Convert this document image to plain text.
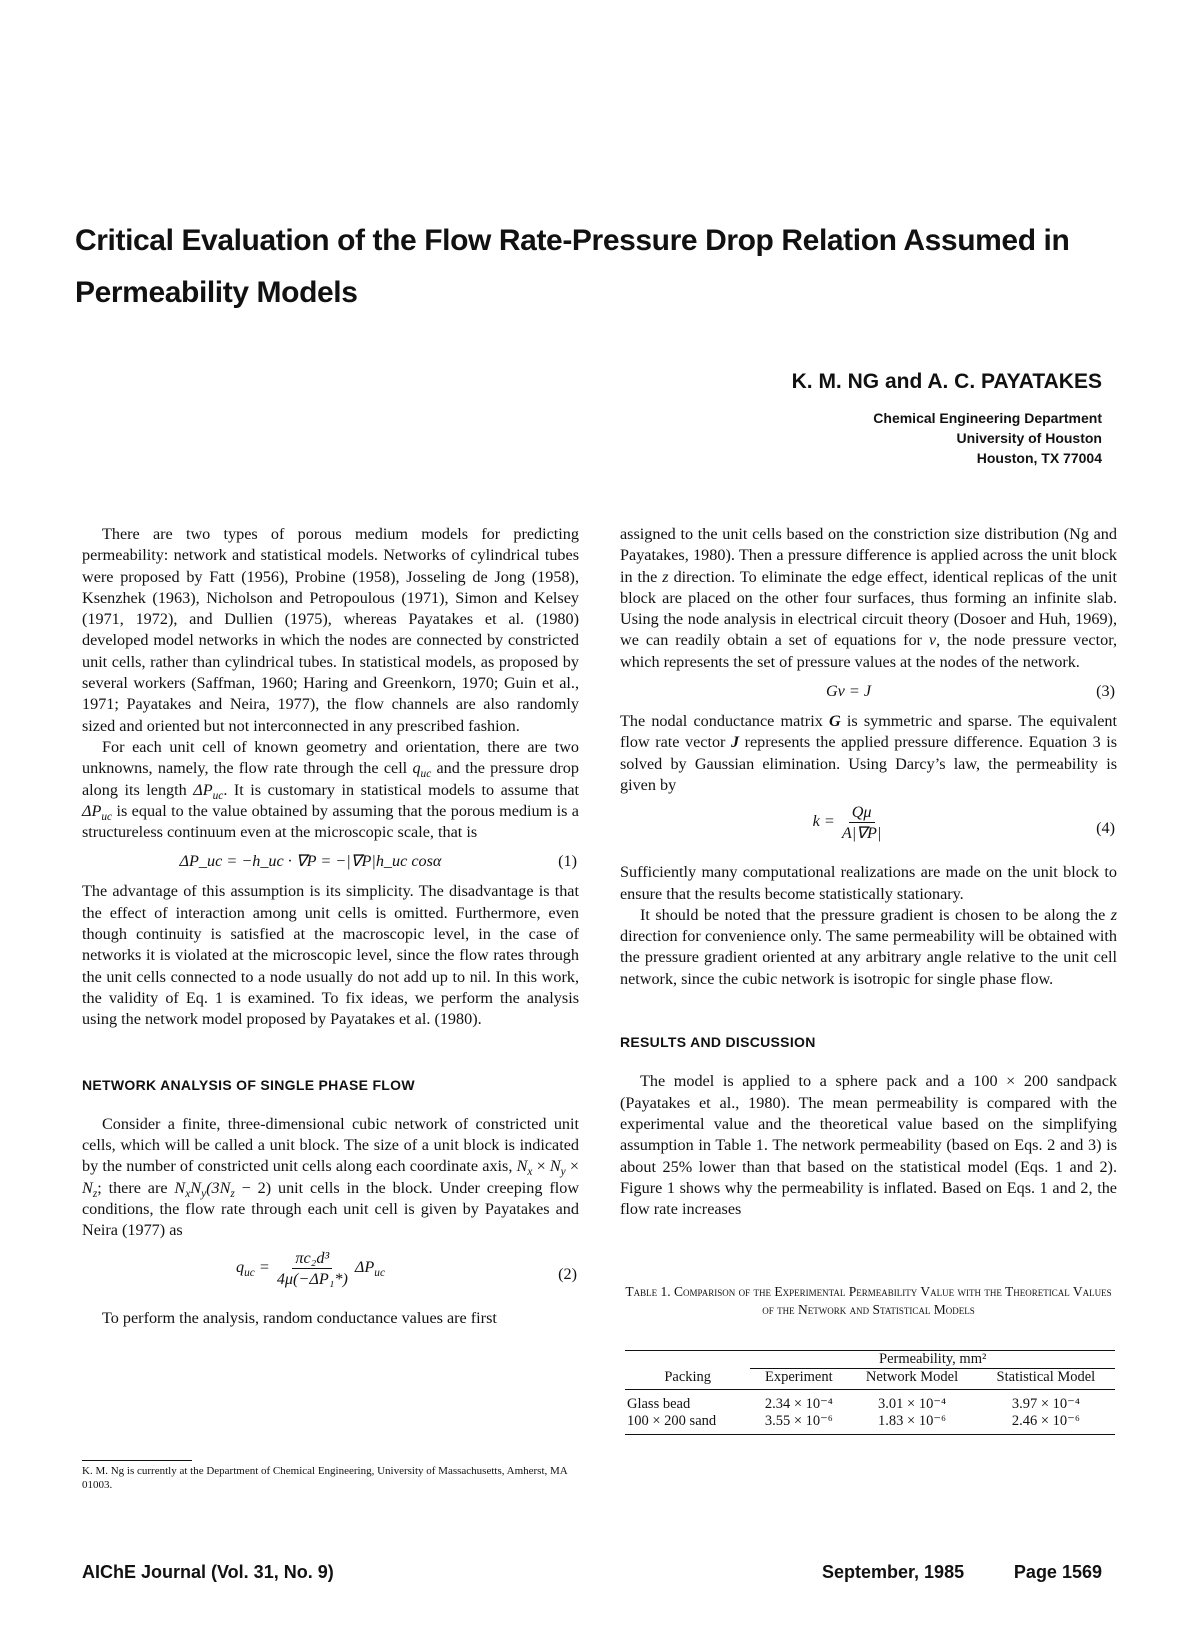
Critical Evaluation of the Flow Rate-Pressure Drop Relation Assumed in Permeability Models
K. M. NG and A. C. PAYATAKES
Chemical Engineering Department
University of Houston
Houston, TX 77004

There are two types of porous medium models for predicting permeability: network and statistical models. Networks of cylindrical tubes were proposed by Fatt (1956), Probine (1958), Josseling de Jong (1958), Ksenzhek (1963), Nicholson and Petropoulous (1971), Simon and Kelsey (1971, 1972), and Dullien (1975), whereas Payatakes et al. (1980) developed model networks in which the nodes are connected by constricted unit cells, rather than cylindrical tubes. In statistical models, as proposed by several workers (Saffman, 1960; Haring and Greenkorn, 1970; Guin et al., 1971; Payatakes and Neira, 1977), the flow channels are also randomly sized and oriented but not interconnected in any prescribed fashion.

For each unit cell of known geometry and orientation, there are two unknowns, namely, the flow rate through the cell $q_{uc}$ and the pressure drop along its length $\Delta P_{uc}$. It is customary in statistical models to assume that $\Delta P_{uc}$ is equal to the value obtained by assuming that the porous medium is a structureless continuum even at the microscopic scale, that is

ΔP_uc = −h_uc · ∇P = −|∇P|h_uc cosα	(1)

The advantage of this assumption is its simplicity. The disadvantage is that the effect of interaction among unit cells is omitted. Furthermore, even though continuity is satisfied at the macroscopic level, in the case of networks it is violated at the microscopic level, since the flow rates through the unit cells connected to a node usually do not add up to nil. In this work, the validity of Eq. 1 is examined. To fix ideas, we perform the analysis using the network model proposed by Payatakes et al. (1980).

NETWORK ANALYSIS OF SINGLE PHASE FLOW

Consider a finite, three-dimensional cubic network of constricted unit cells, which will be called a unit block. The size of a unit block is indicated by the number of constricted unit cells along each coordinate axis, $N_x \times N_y \times N_z$; there are $N_xN_y(3N_z - 2)$ unit cells in the block. Under creeping flow conditions, the flow rate through each unit cell is given by Payatakes and Neira (1977) as

$q_{uc} = \frac{\text{πc₂d³}}{\text{4μ(−ΔP₁*)}} \Delta P_{uc}$	(2)

To perform the analysis, random conductance values are first

assigned to the unit cells based on the constriction size distribution (Ng and Payatakes, 1980). Then a pressure difference is applied across the unit block in the z direction. To eliminate the edge effect, identical replicas of the unit block are placed on the other four surfaces, thus forming an infinite slab. Using the node analysis in electrical circuit theory (Dosoer and Huh, 1969), we can readily obtain a set of equations for v, the node pressure vector, which represents the set of pressure values at the nodes of the network.

Gv = J	(3)

The nodal conductance matrix G is symmetric and sparse. The equivalent flow rate vector J represents the applied pressure difference. Equation 3 is solved by Gaussian elimination. Using Darcy’s law, the permeability is given by

$k = \frac{Q\mu}{A|\nabla P|}$	(4)

Sufficiently many computational realizations are made on the unit block to ensure that the results become statistically stationary.

It should be noted that the pressure gradient is chosen to be along the z direction for convenience only. The same permeability will be obtained with the pressure gradient oriented at any arbitrary angle relative to the unit cell network, since the cubic network is isotropic for single phase flow.

RESULTS AND DISCUSSION

The model is applied to a sphere pack and a 100 × 200 sandpack (Payatakes et al., 1980). The mean permeability is compared with the experimental value and the theoretical value based on the simplifying assumption in Table 1. The network permeability (based on Eqs. 2 and 3) is about 25% lower than that based on the statistical model (Eqs. 1 and 2). Figure 1 shows why the permeability is inflated. Based on Eqs. 1 and 2, the flow rate increases

K. M. Ng is currently at the Department of Chemical Engineering, University of Massachusetts, Amherst, MA 01003.
Table 1. Comparison of the Experimental Permeability Value with the Theoretical Values of the Network and Statistical Models

	Permeability, mm²		
Packing	Experiment	Network Model	Statistical Model
Glass bead	2.34 × 10⁻⁴	3.01 × 10⁻⁴	3.97 × 10⁻⁴
100 × 200 sand	3.55 × 10⁻⁶	1.83 × 10⁻⁶	2.46 × 10⁻⁶

AIChE Journal (Vol. 31, No. 9)	September, 1985	Page 1569
